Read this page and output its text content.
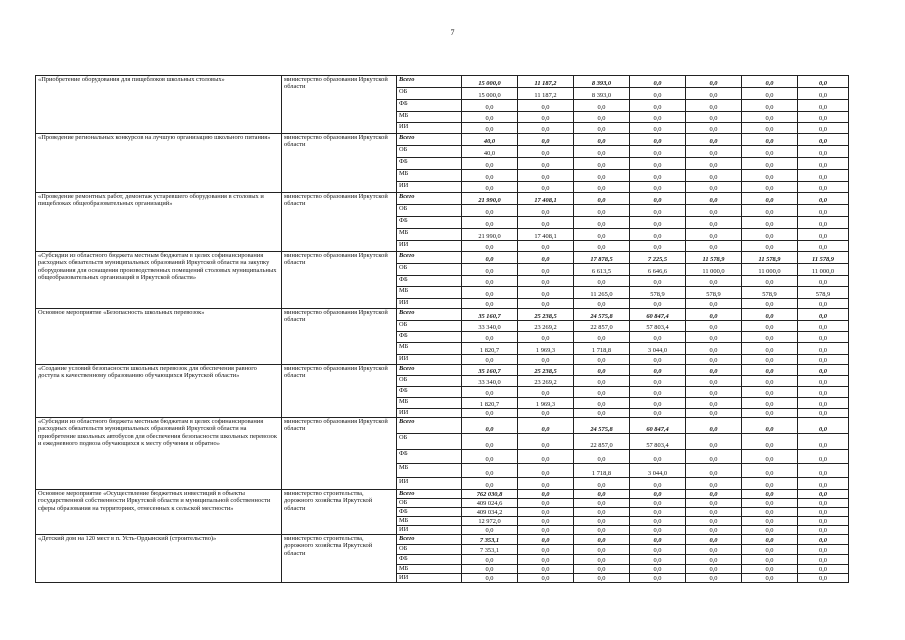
7
«Приобретение оборудования для пищеблоков школьных столовых»	министерство образования Иркутской области	Всего	15 000,0	11 187,2	8 393,0	0,0	0,0	0,0	0,0
		ОБ	15 000,0	11 187,2	8 393,0	0,0	0,0	0,0	0,0
		ФБ	0,0	0,0	0,0	0,0	0,0	0,0	0,0
		МБ	0,0	0,0	0,0	0,0	0,0	0,0	0,0
		ИИ	0,0	0,0	0,0	0,0	0,0	0,0	0,0
«Проведение региональных конкурсов на лучшую организацию школьного питания»	министерство образования Иркутской области	Всего	40,0	0,0	0,0	0,0	0,0	0,0	0,0
		ОБ	40,0	0,0	0,0	0,0	0,0	0,0	0,0
		ФБ	0,0	0,0	0,0	0,0	0,0	0,0	0,0
		МБ	0,0	0,0	0,0	0,0	0,0	0,0	0,0
		ИИ	0,0	0,0	0,0	0,0	0,0	0,0	0,0
«Проведение ремонтных работ, демонтаж устаревшего оборудования в столовых и пищеблоках общеобразовательных организаций»	министерство образования Иркутской области	Всего	21 990,0	17 408,1	0,0	0,0	0,0	0,0	0,0
		ОБ	0,0	0,0	0,0	0,0	0,0	0,0	0,0
		ФБ	0,0	0,0	0,0	0,0	0,0	0,0	0,0
		МБ	21 990,0	17 408,1	0,0	0,0	0,0	0,0	0,0
		ИИ	0,0	0,0	0,0	0,0	0,0	0,0	0,0
«Субсидии из областного бюджета местным бюджетам в целях софинансирования расходных обязательств муниципальных образований Иркутской области на закупку оборудования для оснащения производственных помещений столовых муниципальных общеобразовательных организаций в Иркутской области»	министерство образования Иркутской области	Всего	0,0	0,0	17 878,5	7 225,5	11 578,9	11 578,9	11 578,9
		ОБ	0,0	0,0	6 613,5	6 646,6	11 000,0	11 000,0	11 000,0
		ФБ	0,0	0,0	0,0	0,0	0,0	0,0	0,0
		МБ	0,0	0,0	11 265,0	578,9	578,9	578,9	578,9
		ИИ	0,0	0,0	0,0	0,0	0,0	0,0	0,0
Основное мероприятие «Безопасность школьных перевозок»	министерство образования Иркутской области	Всего	35 160,7	25 238,5	24 575,8	60 847,4	0,0	0,0	0,0
		ОБ	33 340,0	23 269,2	22 857,0	57 803,4	0,0	0,0	0,0
		ФБ	0,0	0,0	0,0	0,0	0,0	0,0	0,0
		МБ	1 820,7	1 969,3	1 718,8	3 044,0	0,0	0,0	0,0
		ИИ	0,0	0,0	0,0	0,0	0,0	0,0	0,0
«Создание условий безопасности школьных перевозок для обеспечения равного доступа к качественному образованию обучающихся Иркутской области»	министерство образования Иркутской области	Всего	35 160,7	25 238,5	0,0	0,0	0,0	0,0	0,0
		ОБ	33 340,0	23 269,2	0,0	0,0	0,0	0,0	0,0
		ФБ	0,0	0,0	0,0	0,0	0,0	0,0	0,0
		МБ	1 820,7	1 969,3	0,0	0,0	0,0	0,0	0,0
		ИИ	0,0	0,0	0,0	0,0	0,0	0,0	0,0
«Субсидии из областного бюджета местным бюджетам в целях софинансирования расходных обязательств муниципальных образований Иркутской области на приобретение школьных автобусов для обеспечения безопасности школьных перевозок и ежедневного подвоза обучающихся к месту обучения и обратно»	министерство образования Иркутской области	Всего	0,0	0,0	24 575,8	60 847,4	0,0	0,0	0,0
		ОБ	0,0	0,0	22 857,0	57 803,4	0,0	0,0	0,0
		ФБ	0,0	0,0	0,0	0,0	0,0	0,0	0,0
		МБ	0,0	0,0	1 718,8	3 044,0	0,0	0,0	0,0
		ИИ	0,0	0,0	0,0	0,0	0,0	0,0	0,0
Основное мероприятие «Осуществление бюджетных инвестиций в объекты государственной собственности Иркутской области и муниципальной собственности сферы образования на территориях, отнесенных к сельской местности»	министерство строительства, дорожного хозяйства Иркутской области	Всего	762 030,8	0,0	0,0	0,0	0,0	0,0	0,0
		ОБ	409 024,6	0,0	0,0	0,0	0,0	0,0	0,0
		ФБ	409 034,2	0,0	0,0	0,0	0,0	0,0	0,0
		МБ	12 972,0	0,0	0,0	0,0	0,0	0,0	0,0
		ИИ	0,0	0,0	0,0	0,0	0,0	0,0	0,0
«Детский дом на 120 мест в п. Усть-Ордынский (строительство)»	министерство строительства, дорожного хозяйства Иркутской области	Всего	7 353,1	0,0	0,0	0,0	0,0	0,0	0,0
		ОБ	7 353,1	0,0	0,0	0,0	0,0	0,0	0,0
		ФБ	0,0	0,0	0,0	0,0	0,0	0,0	0,0
		МБ	0,0	0,0	0,0	0,0	0,0	0,0	0,0
		ИИ	0,0	0,0	0,0	0,0	0,0	0,0	0,0
